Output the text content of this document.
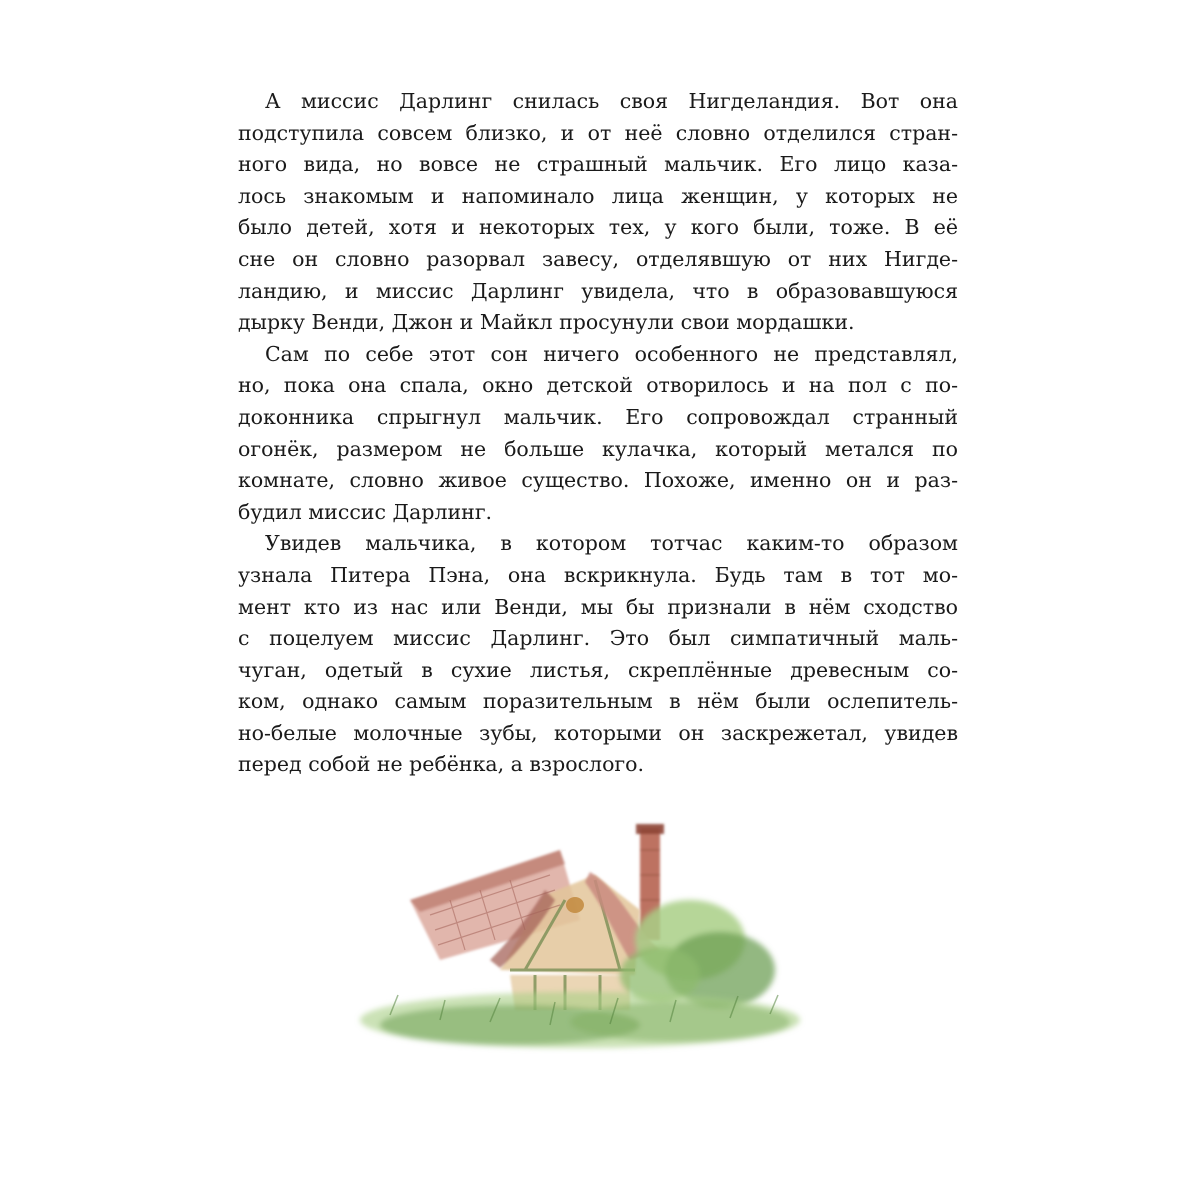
А миссис Дарлинг снилась своя Нигделандия. Вот она
подступила совсем близко, и от неё словно отделился стран-
ного вида, но вовсе не страшный мальчик. Его лицо каза-
лось знакомым и напоминало лица женщин, у которых не
было детей, хотя и некоторых тех, у кого были, тоже. В её
сне он словно разорвал завесу, отделявшую от них Нигде-
ландию, и миссис Дарлинг увидела, что в образовавшуюся
дырку Венди, Джон и Майкл просунули свои мордашки.
Сам по себе этот сон ничего особенного не представлял,
но, пока она спала, окно детской отворилось и на пол с по-
доконника спрыгнул мальчик. Его сопровождал странный
огонёк, размером не больше кулачка, который метался по
комнате, словно живое существо. Похоже, именно он и раз-
будил миссис Дарлинг.
Увидев мальчика, в котором тотчас каким-то образом
узнала Питера Пэна, она вскрикнула. Будь там в тот мо-
мент кто из нас или Венди, мы бы признали в нём сходство
с поцелуем миссис Дарлинг. Это был симпатичный маль-
чуган, одетый в сухие листья, скреплённые древесным со-
ком, однако самым поразительным в нём были ослепитель-
но-белые молочные зубы, которыми он заскрежетал, увидев
перед собой не ребёнка, а взрослого.
